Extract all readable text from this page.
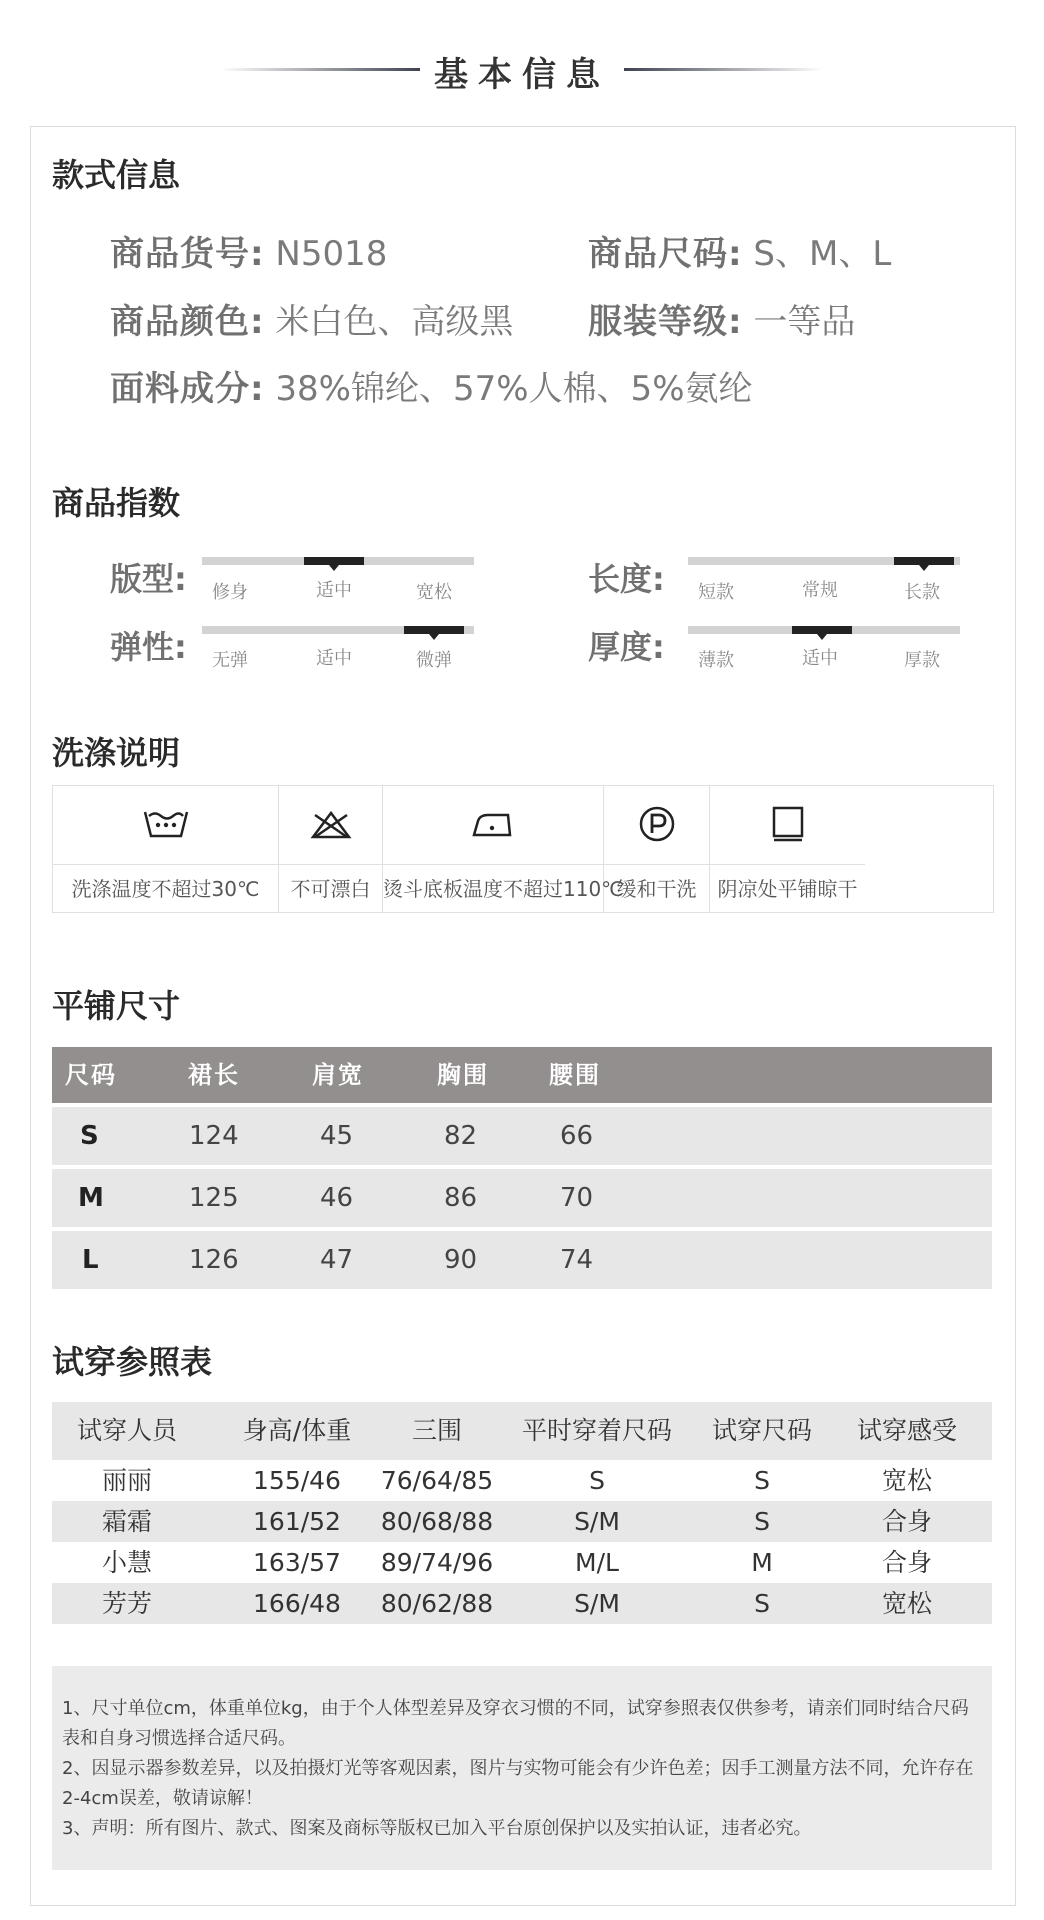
基本信息
款式信息
商品货号: N5018	商品尺码: S、M、L
商品颜色: 米白色、高级黑 服装等级: 一等品
面料成分: 38%锦纶、57%人棉、5%氨纶
商品指数
版型:	修身	适中	宽松	长度:	短款	常规	长款
弹性:	无弹	适中	微弹	厚度:	薄款	适中	厚款
洗涤说明
洗涤温度不超过30℃	不可漂白 烫斗底板温度不超过110℃
缓和干洗	阴凉处平铺晾干
平铺尺寸
尺码	裙长	肩宽	胸围	腰围
S	124	45	82	66
M	125	46	86	70
L	126	47	90	74
试穿参照表
试穿人员	身高/体重	三围	平时穿着尺码	试穿尺码	试穿感受
丽丽	155/46	76/64/85	S	S	宽松
霜霜	161/52	80/68/88	S/M	S	合身
小慧	163/57	89/74/96	M/L	M	合身
芳芳	166/48	80/62/88	S/M	S	宽松

1、尺寸单位cm，体重单位kg，由于个人体型差异及穿衣习惯的不同，试穿参照表仅供参考，请亲们同时结合尺码表和自身习惯选择合适尺码。

2、因显示器参数差异，以及拍摄灯光等客观因素，图片与实物可能会有少许色差；因手工测量方法不同，允许存在2-4cm误差，敬请谅解！

3、声明：所有图片、款式、图案及商标等版权已加入平台原创保护以及实拍认证，违者必究。
